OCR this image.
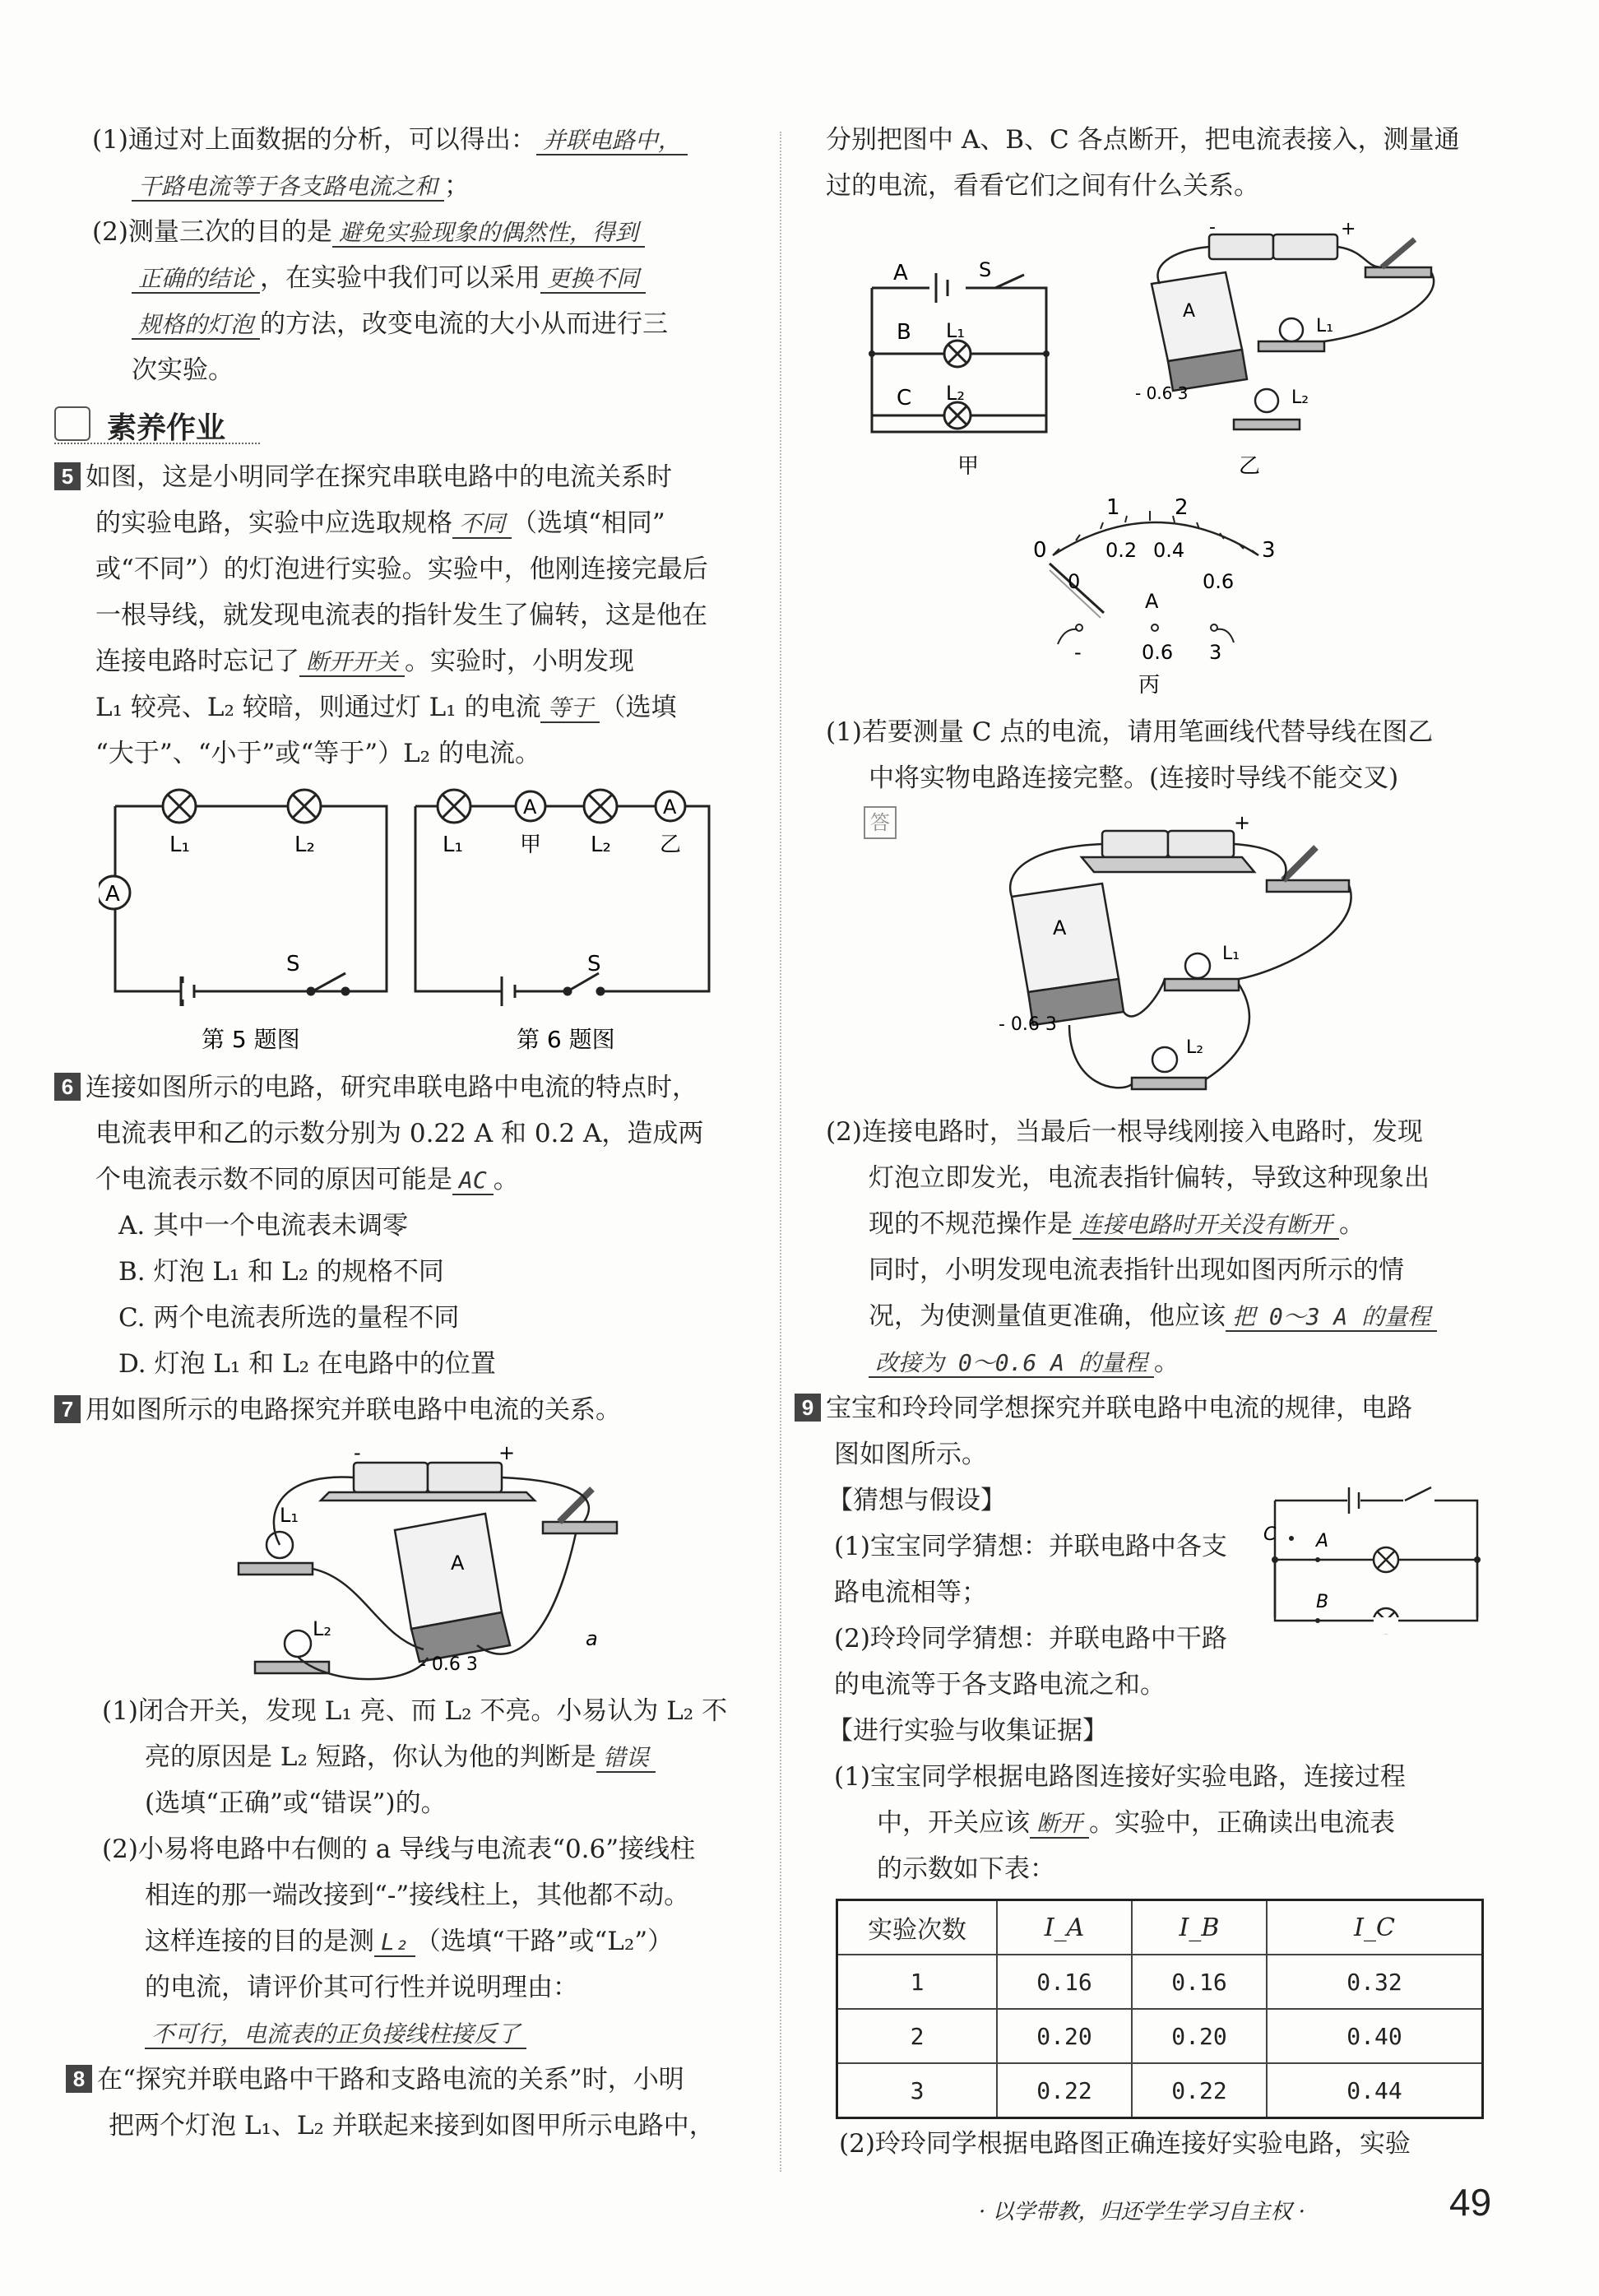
(1)通过对上面数据的分析，可以得出： 并联电路中，
干路电流等于各支路电流之和 ；
(2)测量三次的目的是 避免实验现象的偶然性，得到
正确的结论 ，在实验中我们可以采用 更换不同
规格的灯泡 的方法，改变电流的大小从而进行三
次实验。
素养作业
5 如图，这是小明同学在探究串联电路中的电流关系时
的实验电路，实验中应选取规格 不同 （选填“相同”
或“不同”）的灯泡进行实验。实验中，他刚连接完最后
一根导线，就发现电流表的指针发生了偏转，这是他在
连接电路时忘记了 断开开关 。实验时，小明发现
L₁ 较亮、L₂ 较暗，则通过灯 L₁ 的电流 等于 （选填
“大于”、“小于”或“等于”）L₂ 的电流。
A
L₁	L₂
S
第 5 题图
A	A
L₁	甲 L₂ 乙
S
第 6 题图
6 连接如图所示的电路，研究串联电路中电流的特点时，
电流表甲和乙的示数分别为 0.22 A 和 0.2 A，造成两
个电流表示数不同的原因可能是 AC 。
A. 其中一个电流表未调零
B. 灯泡 L₁ 和 L₂ 的规格不同
C. 两个电流表所选的量程不同
D. 灯泡 L₁ 和 L₂ 在电路中的位置
7 用如图所示的电路探究并联电路中电流的关系。
A
L₁
L₂
- 0.6 3
a
+
-
(1)闭合开关，发现 L₁ 亮、而 L₂ 不亮。小易认为 L₂ 不
亮的原因是 L₂ 短路，你认为他的判断是 错误
(选填“正确”或“错误”)的。
(2)小易将电路中右侧的 a 导线与电流表“0.6”接线柱
相连的那一端改接到“-”接线柱上，其他都不动。
这样连接的目的是测 L₂ （选填“干路”或“L₂”）
的电流，请评价其可行性并说明理由：
不可行，电流表的正负接线柱接反了
8 在“探究并联电路中干路和支路电流的关系”时，小明
把两个灯泡 L₁、L₂ 并联起来接到如图甲所示电路中，
分别把图中 A、B、C 各点断开，把电流表接入，测量通
过的电流，看看它们之间有什么关系。
A
B
C
L₁
L₂
S
甲
A
L₁
L₂
- 0.6 3
+
-
乙
1	2
0	3
0.2 0.4
0	0.6
A
-	0.6 3
丙
(1)若要测量 C 点的电流，请用笔画线代替导线在图乙
中将实物电路连接完整。(连接时导线不能交叉)
答
A
L₁
L₂
- 0.6 3
+
(2)连接电路时，当最后一根导线刚接入电路时，发现
灯泡立即发光，电流表指针偏转，导致这种现象出
现的不规范操作是 连接电路时开关没有断开 。
同时，小明发现电流表指针出现如图丙所示的情
况，为使测量值更准确，他应该 把 0～3 A 的量程
改接为 0～0.6 A 的量程 。
9 宝宝和玲玲同学想探究并联电路中电流的规律，电路
图如图所示。
【猜想与假设】
(1)宝宝同学猜想：并联电路中各支
路电流相等；
(2)玲玲同学猜想：并联电路中干路
的电流等于各支路电流之和。
C A
B
【进行实验与收集证据】
(1)宝宝同学根据电路图连接好实验电路，连接过程
中，开关应该 断开 。实验中，正确读出电流表
的示数如下表：
实验次数	I_A	I_B	I_C
1	0.16	0.16	0.32
2	0.20	0.20	0.40
3	0.22	0.22	0.44
(2)玲玲同学根据电路图正确连接好实验电路，实验
· 以学带教，归还学生学习自主权 ·	49
